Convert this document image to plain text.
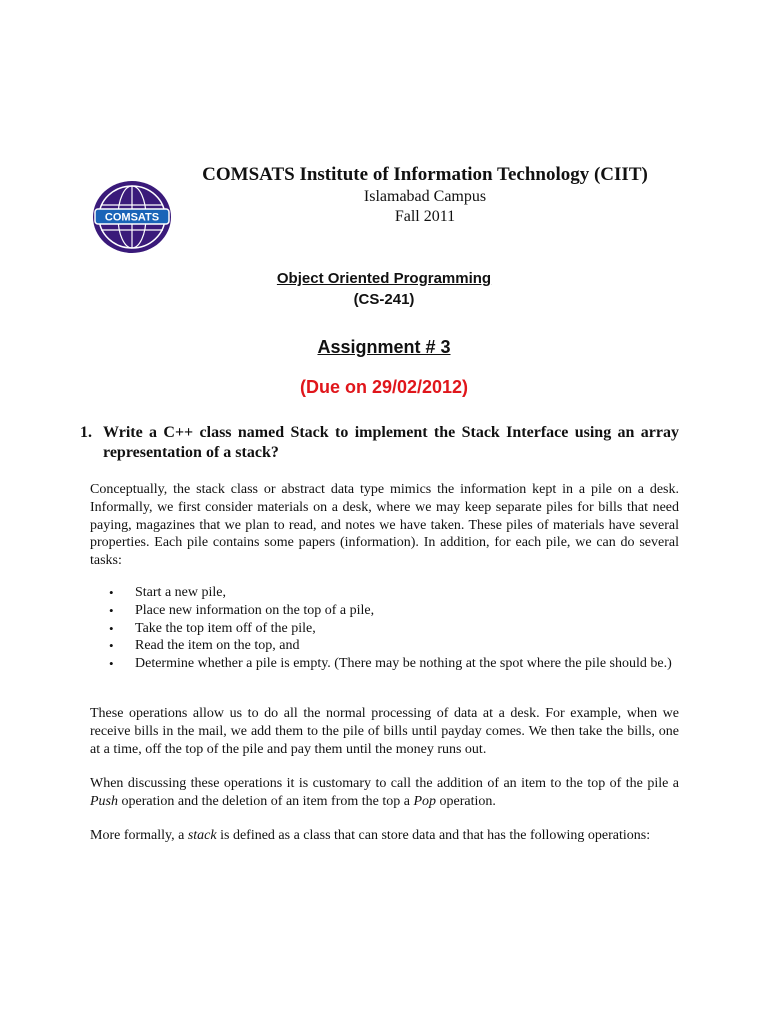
COMSATS
COMSATS Institute of Information Technology (CIIT)
Islamabad Campus
Fall 2011
Object Oriented Programming
(CS-241)
Assignment # 3
(Due on 29/02/2012)
1. Write a C++ class named Stack to implement the Stack Interface using an array representation of a stack?
Conceptually, the stack class or abstract data type mimics the information kept in a pile on a desk. Informally, we first consider materials on a desk, where we may keep separate piles for bills that need paying, magazines that we plan to read, and notes we have taken. These piles of materials have several properties. Each pile contains some papers (information). In addition, for each pile, we can do several tasks:
• Start a new pile,
• Place new information on the top of a pile,
• Take the top item off of the pile,
• Read the item on the top, and
• Determine whether a pile is empty. (There may be nothing at the spot where the pile should be.)
These operations allow us to do all the normal processing of data at a desk. For example, when we receive bills in the mail, we add them to the pile of bills until payday comes. We then take the bills, one at a time, off the top of the pile and pay them until the money runs out.
When discussing these operations it is customary to call the addition of an item to the top of the pile a Push operation and the deletion of an item from the top a Pop operation.
More formally, a stack is defined as a class that can store data and that has the following operations:
